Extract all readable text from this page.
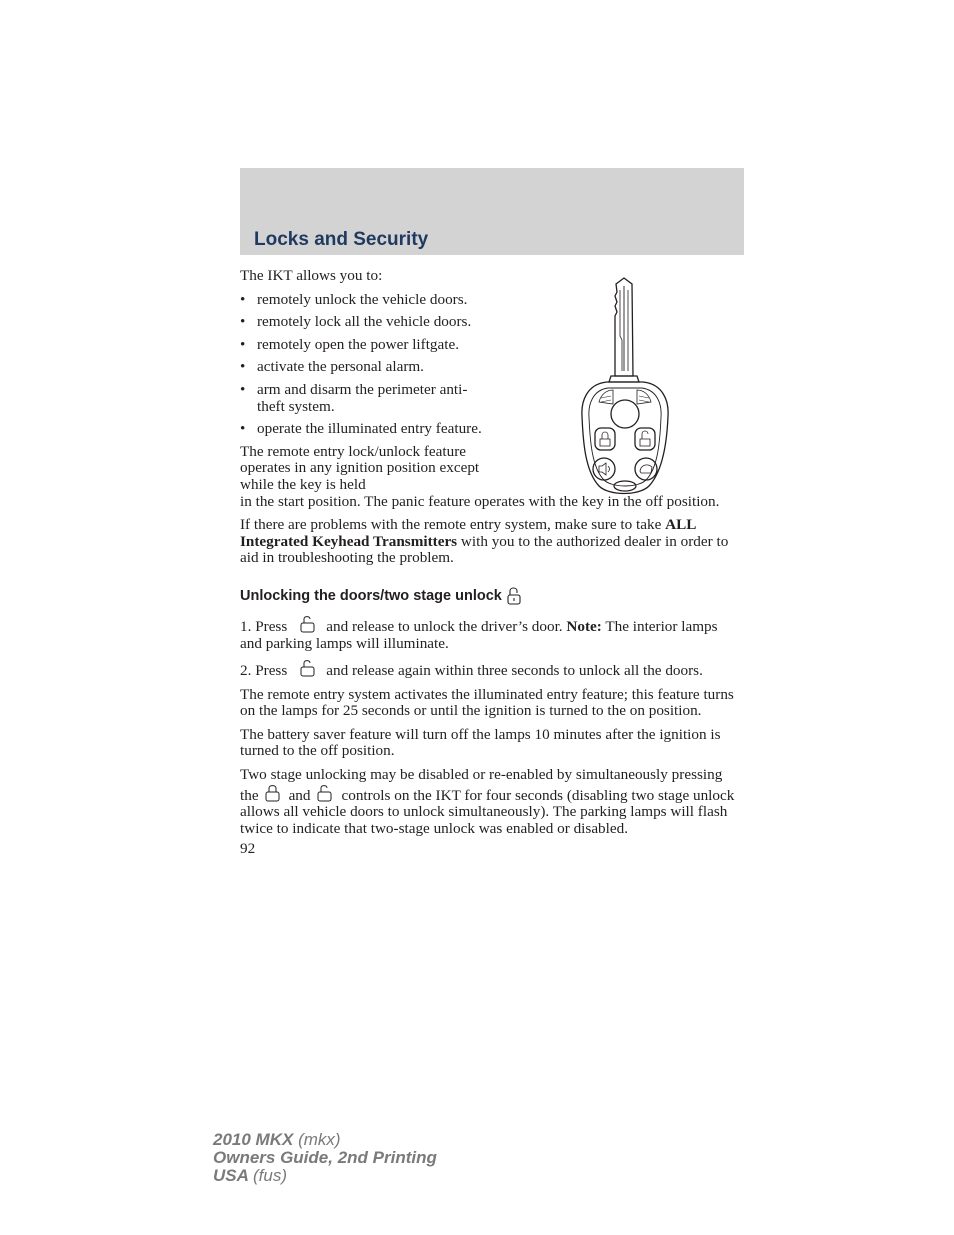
Locks and Security

The IKT allows you to:

• remotely unlock the vehicle doors.
• remotely lock all the vehicle doors.
• remotely open the power liftgate.
• activate the personal alarm.
• arm and disarm the perimeter anti-theft system.
• operate the illuminated entry feature.

The remote entry lock/unlock feature operates in any ignition position except while the key is held

in the start position. The panic feature operates with the key in the off position.

If there are problems with the remote entry system, make sure to take ALL Integrated Keyhead Transmitters with you to the authorized dealer in order to aid in troubleshooting the problem.

Unlocking the doors/two stage unlock

1. Press	and release to unlock the driver’s door. Note: The interior lamps and parking lamps will illuminate.

2. Press	and release again within three seconds to unlock all the doors.

The remote entry system activates the illuminated entry feature; this feature turns on the lamps for 25 seconds or until the ignition is turned to the on position.

The battery saver feature will turn off the lamps 10 minutes after the ignition is turned to the off position.

Two stage unlocking may be disabled or re-enabled by simultaneously pressing the and controls on the IKT for four seconds (disabling two stage unlock allows all vehicle doors to unlock simultaneously). The parking lamps will flash twice to indicate that two-stage unlock was enabled or disabled.

92
2010 MKX (mkx)
Owners Guide, 2nd Printing
USA (fus)
